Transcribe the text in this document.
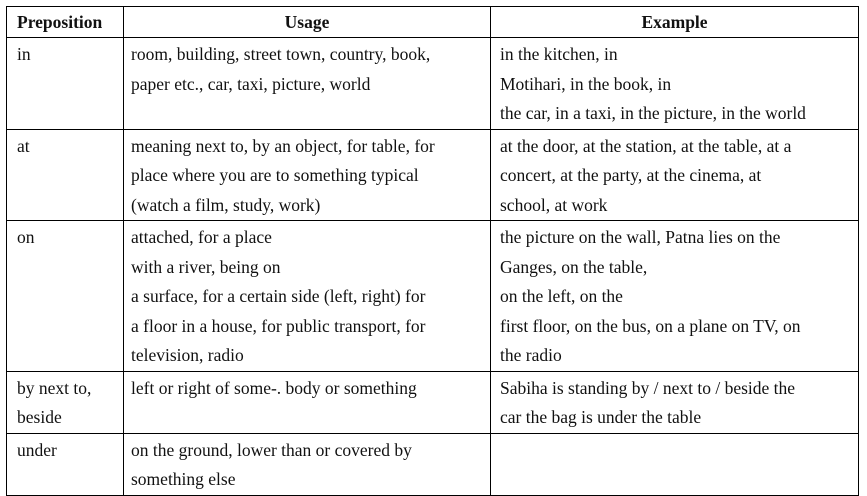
Preposition	Usage	Example

in	room, building, street town, country, book,
paper etc., car, taxi, picture, world	in the kitchen, in
Motihari, in the book, in
the car, in a taxi, in the picture, in the world

at	meaning next to, by an object, for table, for
place where you are to something typical
(watch a film, study, work)	at the door, at the station, at the table, at a
concert, at the party, at the cinema, at
school, at work

on	attached, for a place
with a river, being on
a surface, for a certain side (left, right) for
a floor in a house, for public transport, for
television, radio	the picture on the wall, Patna lies on the
Ganges, on the table,
on the left, on the
first floor, on the bus, on a plane on TV, on
the radio

by next to,
beside	left or right of some-. body or something	Sabiha is standing by / next to / beside the
car the bag is under the table

under	on the ground, lower than or covered by
something else	
